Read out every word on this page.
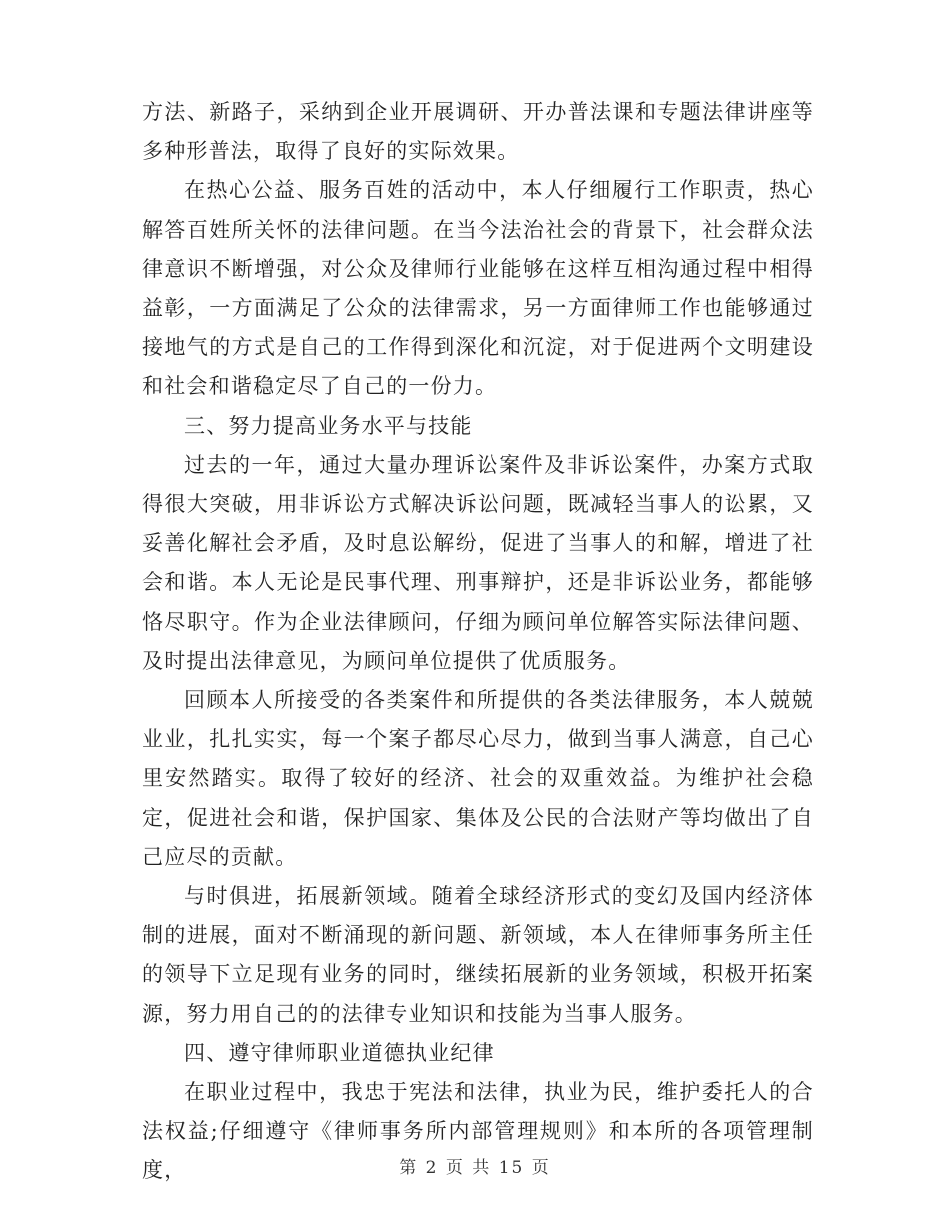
方法、新路子，采纳到企业开展调研、开办普法课和专题法律讲座等多种形普法，取得了良好的实际效果。

在热心公益、服务百姓的活动中，本人仔细履行工作职责，热心解答百姓所关怀的法律问题。在当今法治社会的背景下，社会群众法律意识不断增强，对公众及律师行业能够在这样互相沟通过程中相得益彰，一方面满足了公众的法律需求，另一方面律师工作也能够通过接地气的方式是自己的工作得到深化和沉淀，对于促进两个文明建设和社会和谐稳定尽了自己的一份力。

三、努力提高业务水平与技能

过去的一年，通过大量办理诉讼案件及非诉讼案件，办案方式取得很大突破，用非诉讼方式解决诉讼问题，既减轻当事人的讼累，又妥善化解社会矛盾，及时息讼解纷，促进了当事人的和解，增进了社会和谐。本人无论是民事代理、刑事辩护，还是非诉讼业务，都能够恪尽职守。作为企业法律顾问，仔细为顾问单位解答实际法律问题、及时提出法律意见，为顾问单位提供了优质服务。

回顾本人所接受的各类案件和所提供的各类法律服务，本人兢兢业业，扎扎实实，每一个案子都尽心尽力，做到当事人满意，自己心里安然踏实。取得了较好的经济、社会的双重效益。为维护社会稳定，促进社会和谐，保护国家、集体及公民的合法财产等均做出了自己应尽的贡献。

与时俱进，拓展新领域。随着全球经济形式的变幻及国内经济体制的进展，面对不断涌现的新问题、新领域，本人在律师事务所主任的领导下立足现有业务的同时，继续拓展新的业务领域，积极开拓案源，努力用自己的的法律专业知识和技能为当事人服务。

四、遵守律师职业道德执业纪律

在职业过程中，我忠于宪法和法律，执业为民，维护委托人的合法权益;仔细遵守《律师事务所内部管理规则》和本所的各项管理制度，	第 2 页 共 15 页
